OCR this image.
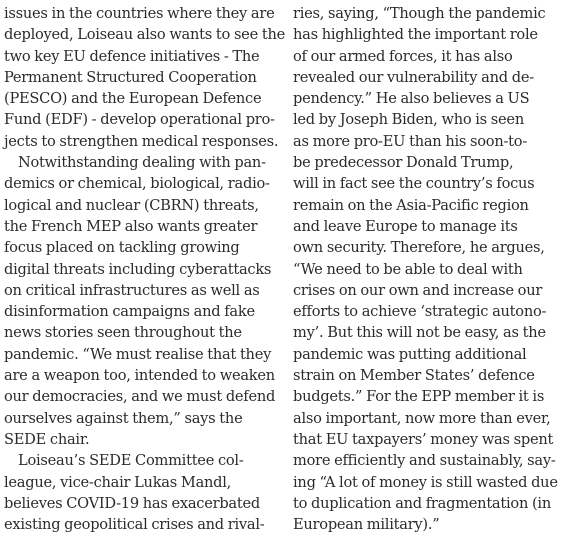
issues in the countries where they are
deployed, Loiseau also wants to see the
two key EU defence initiatives - The
Permanent Structured Cooperation
(PESCO) and the European Defence
Fund (EDF) - develop operational pro-
jects to strengthen medical responses.
Notwithstanding dealing with pan-
demics or chemical, biological, radio-
logical and nuclear (CBRN) threats,
the French MEP also wants greater
focus placed on tackling growing
digital threats including cyberattacks
on critical infrastructures as well as
disinformation campaigns and fake
news stories seen throughout the
pandemic. “We must realise that they
are a weapon too, intended to weaken
our democracies, and we must defend
ourselves against them,” says the
SEDE chair.
Loiseau’s SEDE Committee col-
league, vice-chair Lukas Mandl,
believes COVID-19 has exacerbated
existing geopolitical crises and rival-
ries, saying, “Though the pandemic
has highlighted the important role
of our armed forces, it has also
revealed our vulnerability and de-
pendency.” He also believes a US
led by Joseph Biden, who is seen
as more pro-EU than his soon-to-
be predecessor Donald Trump,
will in fact see the country’s focus
remain on the Asia-Pacific region
and leave Europe to manage its
own security. Therefore, he argues,
“We need to be able to deal with
crises on our own and increase our
efforts to achieve ‘strategic autono-
my’. But this will not be easy, as the
pandemic was putting additional
strain on Member States’ defence
budgets.” For the EPP member it is
also important, now more than ever,
that EU taxpayers’ money was spent
more efficiently and sustainably, say-
ing “A lot of money is still wasted due
to duplication and fragmentation (in
European military).”
